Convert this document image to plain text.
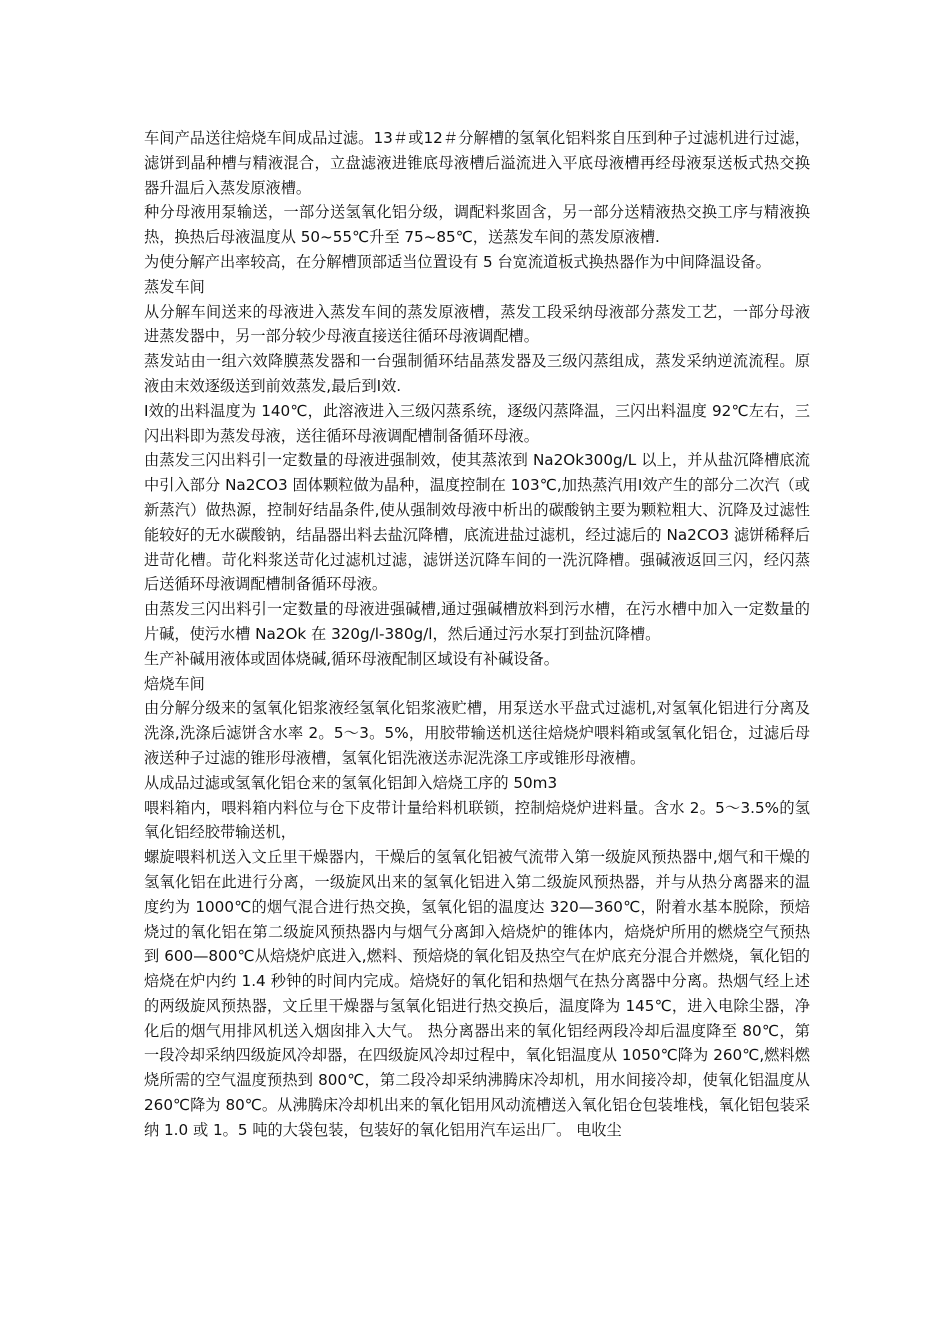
车间产品送往焙烧车间成品过滤。13＃或12＃分解槽的氢氧化铝料浆自压到种子过滤机进行过滤，滤饼到晶种槽与精液混合，立盘滤液进锥底母液槽后溢流进入平底母液槽再经母液泵送板式热交换器升温后入蒸发原液槽。

种分母液用泵输送，一部分送氢氧化铝分级，调配料浆固含，另一部分送精液热交换工序与精液换热，换热后母液温度从 50~55℃升至 75~85℃，送蒸发车间的蒸发原液槽.

为使分解产出率较高，在分解槽顶部适当位置设有 5 台宽流道板式换热器作为中间降温设备。

蒸发车间

从分解车间送来的母液进入蒸发车间的蒸发原液槽，蒸发工段采纳母液部分蒸发工艺，一部分母液进蒸发器中，另一部分较少母液直接送往循环母液调配槽。

蒸发站由一组六效降膜蒸发器和一台强制循环结晶蒸发器及三级闪蒸组成，蒸发采纳逆流流程。原液由末效逐级送到前效蒸发,最后到Ⅰ效.

Ⅰ效的出料温度为 140℃，此溶液进入三级闪蒸系统，逐级闪蒸降温，三闪出料温度 92℃左右，三闪出料即为蒸发母液，送往循环母液调配槽制备循环母液。

由蒸发三闪出料引一定数量的母液进强制效，使其蒸浓到 Na2Ok300g/L 以上，并从盐沉降槽底流中引入部分 Na2CO3 固体颗粒做为晶种，温度控制在 103℃,加热蒸汽用Ⅰ效产生的部分二次汽（或新蒸汽）做热源，控制好结晶条件,使从强制效母液中析出的碳酸钠主要为颗粒粗大、沉降及过滤性能较好的无水碳酸钠，结晶器出料去盐沉降槽，底流进盐过滤机，经过滤后的 Na2CO3 滤饼稀释后进苛化槽。苛化料浆送苛化过滤机过滤，滤饼送沉降车间的一洗沉降槽。强碱液返回三闪，经闪蒸后送循环母液调配槽制备循环母液。

由蒸发三闪出料引一定数量的母液进强碱槽,通过强碱槽放料到污水槽，在污水槽中加入一定数量的片碱，使污水槽 Na2Ok 在 320g/l-380g/l，然后通过污水泵打到盐沉降槽。

生产补碱用液体或固体烧碱,循环母液配制区域设有补碱设备。

焙烧车间

由分解分级来的氢氧化铝浆液经氢氧化铝浆液贮槽，用泵送水平盘式过滤机,对氢氧化铝进行分离及洗涤,洗涤后滤饼含水率 2。5～3。5%，用胶带输送机送往焙烧炉喂料箱或氢氧化铝仓，过滤后母液送种子过滤的锥形母液槽，氢氧化铝洗液送赤泥洗涤工序或锥形母液槽。

从成品过滤或氢氧化铝仓来的氢氧化铝卸入焙烧工序的 50m3

喂料箱内，喂料箱内料位与仓下皮带计量给料机联锁，控制焙烧炉进料量。含水 2。5～3.5%的氢氧化铝经胶带输送机，

螺旋喂料机送入文丘里干燥器内，干燥后的氢氧化铝被气流带入第一级旋风预热器中,烟气和干燥的氢氧化铝在此进行分离，一级旋风出来的氢氧化铝进入第二级旋风预热器，并与从热分离器来的温度约为 1000℃的烟气混合进行热交换，氢氧化铝的温度达 320—360℃，附着水基本脱除，预焙烧过的氧化铝在第二级旋风预热器内与烟气分离卸入焙烧炉的锥体内，焙烧炉所用的燃烧空气预热到 600—800℃从焙烧炉底进入,燃料、预焙烧的氧化铝及热空气在炉底充分混合并燃烧，氧化铝的焙烧在炉内约 1.4 秒钟的时间内完成。焙烧好的氧化铝和热烟气在热分离器中分离。热烟气经上述的两级旋风预热器，文丘里干燥器与氢氧化铝进行热交换后，温度降为 145℃，进入电除尘器，净化后的烟气用排风机送入烟囱排入大气。 热分离器出来的氧化铝经两段冷却后温度降至 80℃，第一段冷却采纳四级旋风冷却器，在四级旋风冷却过程中，氧化铝温度从 1050℃降为 260℃,燃料燃烧所需的空气温度预热到 800℃，第二段冷却采纳沸腾床冷却机，用水间接冷却，使氧化铝温度从 260℃降为 80℃。从沸腾床冷却机出来的氧化铝用风动流槽送入氧化铝仓包装堆栈，氧化铝包装采纳 1.0 或 1。5 吨的大袋包装，包装好的氧化铝用汽车运出厂。 电收尘
